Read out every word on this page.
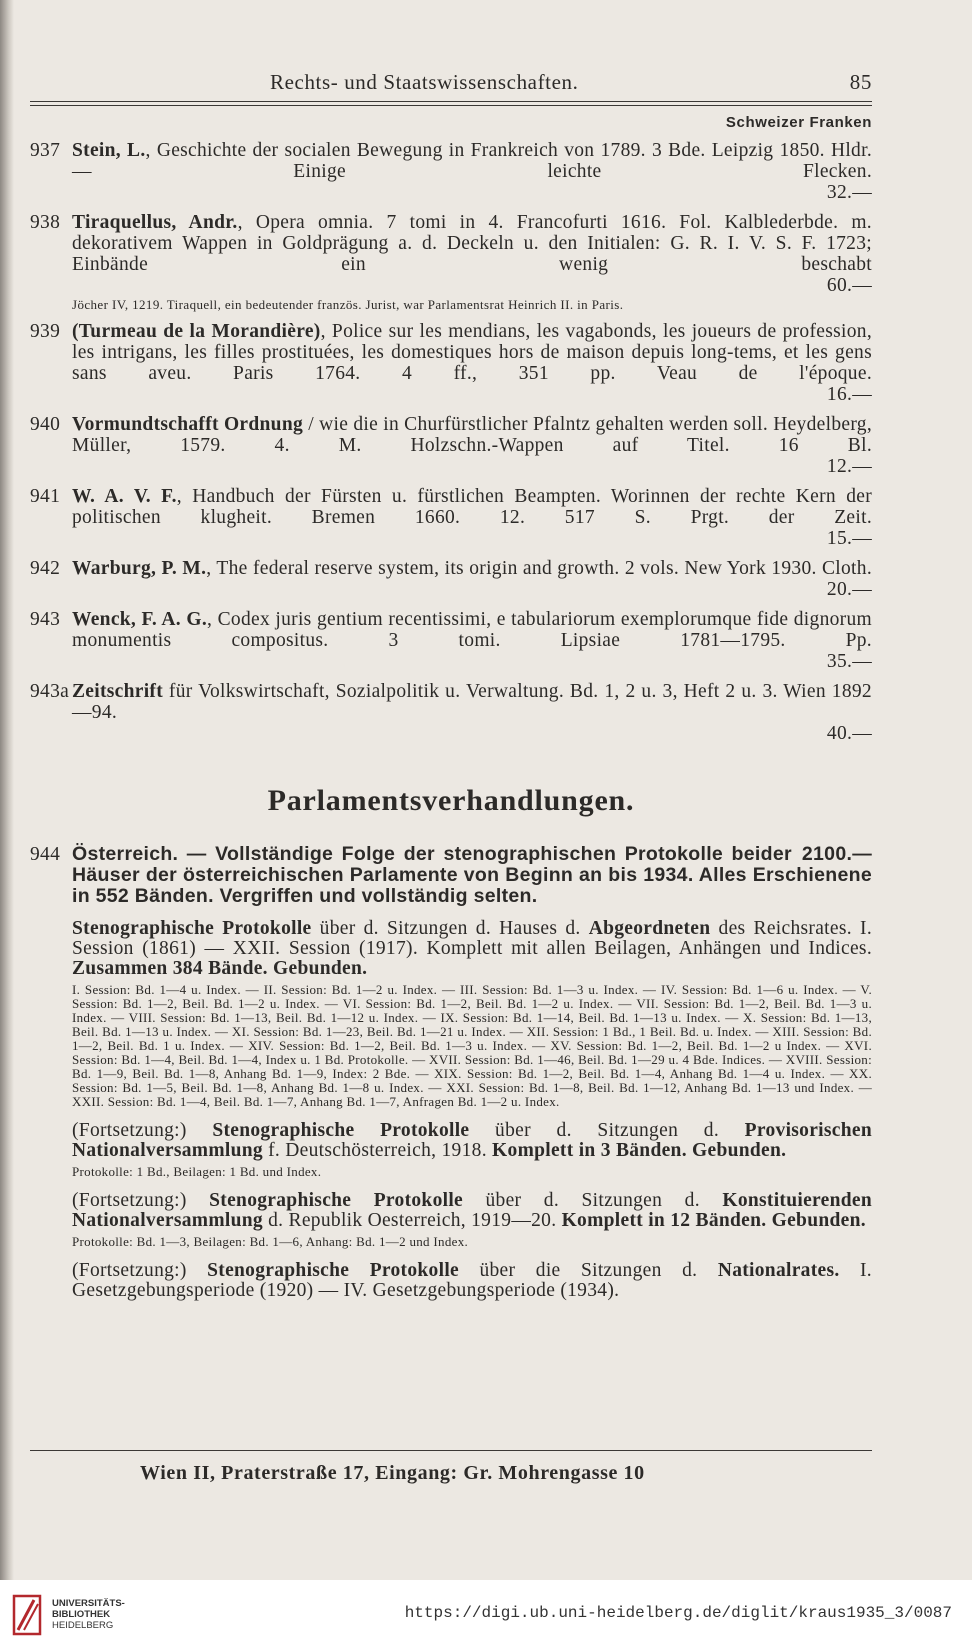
Rechts- und Staatswissenschaften.	85
Schweizer Franken
937 Stein, L., Geschichte der socialen Bewegung in Frankreich von 1789. 3 Bde. Leipzig 1850. Hldr. — Einige leichte Flecken.32.—
938 Tiraquellus, Andr., Opera omnia. 7 tomi in 4. Francofurti 1616. Fol. Kalblederbde. m. dekorativem Wappen in Goldprägung a. d. Deckeln u. den Initialen: G. R. I. V. S. F. 1723; Einbände ein wenig beschabt60.—
Jöcher IV, 1219. Tiraquell, ein bedeutender französ. Jurist, war Parlamentsrat Heinrich II. in Paris.
939 (Turmeau de la Morandière), Police sur les mendians, les vagabonds, les joueurs de profession, les intrigans, les filles prostituées, les domestiques hors de maison depuis long-tems, et les gens sans aveu. Paris 1764. 4 ff., 351 pp. Veau de l'époque.16.—
940 Vormundtschafft Ordnung / wie die in Churfürstlicher Pfalntz gehalten werden soll. Heydelberg, Müller, 1579. 4. M. Holzschn.-Wappen auf Titel. 16 Bl.12.—
941 W. A. V. F., Handbuch der Fürsten u. fürstlichen Beampten. Worinnen der rechte Kern der politischen klugheit. Bremen 1660. 12. 517 S. Prgt. der Zeit.15.—
942 Warburg, P. M., The federal reserve system, its origin and growth. 2 vols. New York 1930. Cloth.20.—
943 Wenck, F. A. G., Codex juris gentium recentissimi, e tabulariorum exemplorumque fide dignorum monumentis compositus. 3 tomi. Lipsiae 1781—1795. Pp.35.—
943a Zeitschrift für Volkswirtschaft, Sozialpolitik u. Verwaltung. Bd. 1, 2 u. 3, Heft 2 u. 3. Wien 1892—94.40.—
Parlamentsverhandlungen.
944	2100.—
Österreich. — Vollständige Folge der stenographischen Protokolle beider Häuser der österreichischen Parlamente von Beginn an bis 1934. Alles Erschienene in 552 Bänden. Vergriffen und vollständig selten.
Stenographische Protokolle über d. Sitzungen d. Hauses d. Abgeordneten des Reichsrates. I. Session (1861) — XXII. Session (1917). Komplett mit allen Beilagen, Anhängen und Indices. Zusammen 384 Bände. Gebunden.
I. Session: Bd. 1—4 u. Index. — II. Session: Bd. 1—2 u. Index. — III. Session: Bd. 1—3 u. Index. — IV. Session: Bd. 1—6 u. Index. — V. Session: Bd. 1—2, Beil. Bd. 1—2 u. Index. — VI. Session: Bd. 1—2, Beil. Bd. 1—2 u. Index. — VII. Session: Bd. 1—2, Beil. Bd. 1—3 u. Index. — VIII. Session: Bd. 1—13, Beil. Bd. 1—12 u. Index. — IX. Session: Bd. 1—14, Beil. Bd. 1—13 u. Index. — X. Session: Bd. 1—13, Beil. Bd. 1—13 u. Index. — XI. Session: Bd. 1—23, Beil. Bd. 1—21 u. Index. — XII. Session: 1 Bd., 1 Beil. Bd. u. Index. — XIII. Session: Bd. 1—2, Beil. Bd. 1 u. Index. — XIV. Session: Bd. 1—2, Beil. Bd. 1—3 u. Index. — XV. Session: Bd. 1—2, Beil. Bd. 1—2 u Index. — XVI. Session: Bd. 1—4, Beil. Bd. 1—4, Index u. 1 Bd. Protokolle. — XVII. Session: Bd. 1—46, Beil. Bd. 1—29 u. 4 Bde. Indices. — XVIII. Session: Bd. 1—9, Beil. Bd. 1—8, Anhang Bd. 1—9, Index: 2 Bde. — XIX. Session: Bd. 1—2, Beil. Bd. 1—4, Anhang Bd. 1—4 u. Index. — XX. Session: Bd. 1—5, Beil. Bd. 1—8, Anhang Bd. 1—8 u. Index. — XXI. Session: Bd. 1—8, Beil. Bd. 1—12, Anhang Bd. 1—13 und Index. — XXII. Session: Bd. 1—4, Beil. Bd. 1—7, Anhang Bd. 1—7, Anfragen Bd. 1—2 u. Index.
(Fortsetzung:) Stenographische Protokolle über d. Sitzungen d. Provisorischen Nationalversammlung f. Deutschösterreich, 1918. Komplett in 3 Bänden. Gebunden.
Protokolle: 1 Bd., Beilagen: 1 Bd. und Index.
(Fortsetzung:) Stenographische Protokolle über d. Sitzungen d. Konstituierenden Nationalversammlung d. Republik Oesterreich, 1919—20. Komplett in 12 Bänden. Gebunden.
Protokolle: Bd. 1—3, Beilagen: Bd. 1—6, Anhang: Bd. 1—2 und Index.
(Fortsetzung:) Stenographische Protokolle über die Sitzungen d. Nationalrates. I. Gesetzgebungsperiode (1920) — IV. Gesetzgebungsperiode (1934).
Wien II, Praterstraße 17, Eingang: Gr. Mohrengasse 10
UNIVERSITÄTS-
BIBLIOTHEK
HEIDELBERG
https://digi.ub.uni-heidelberg.de/diglit/kraus1935_3/0087
